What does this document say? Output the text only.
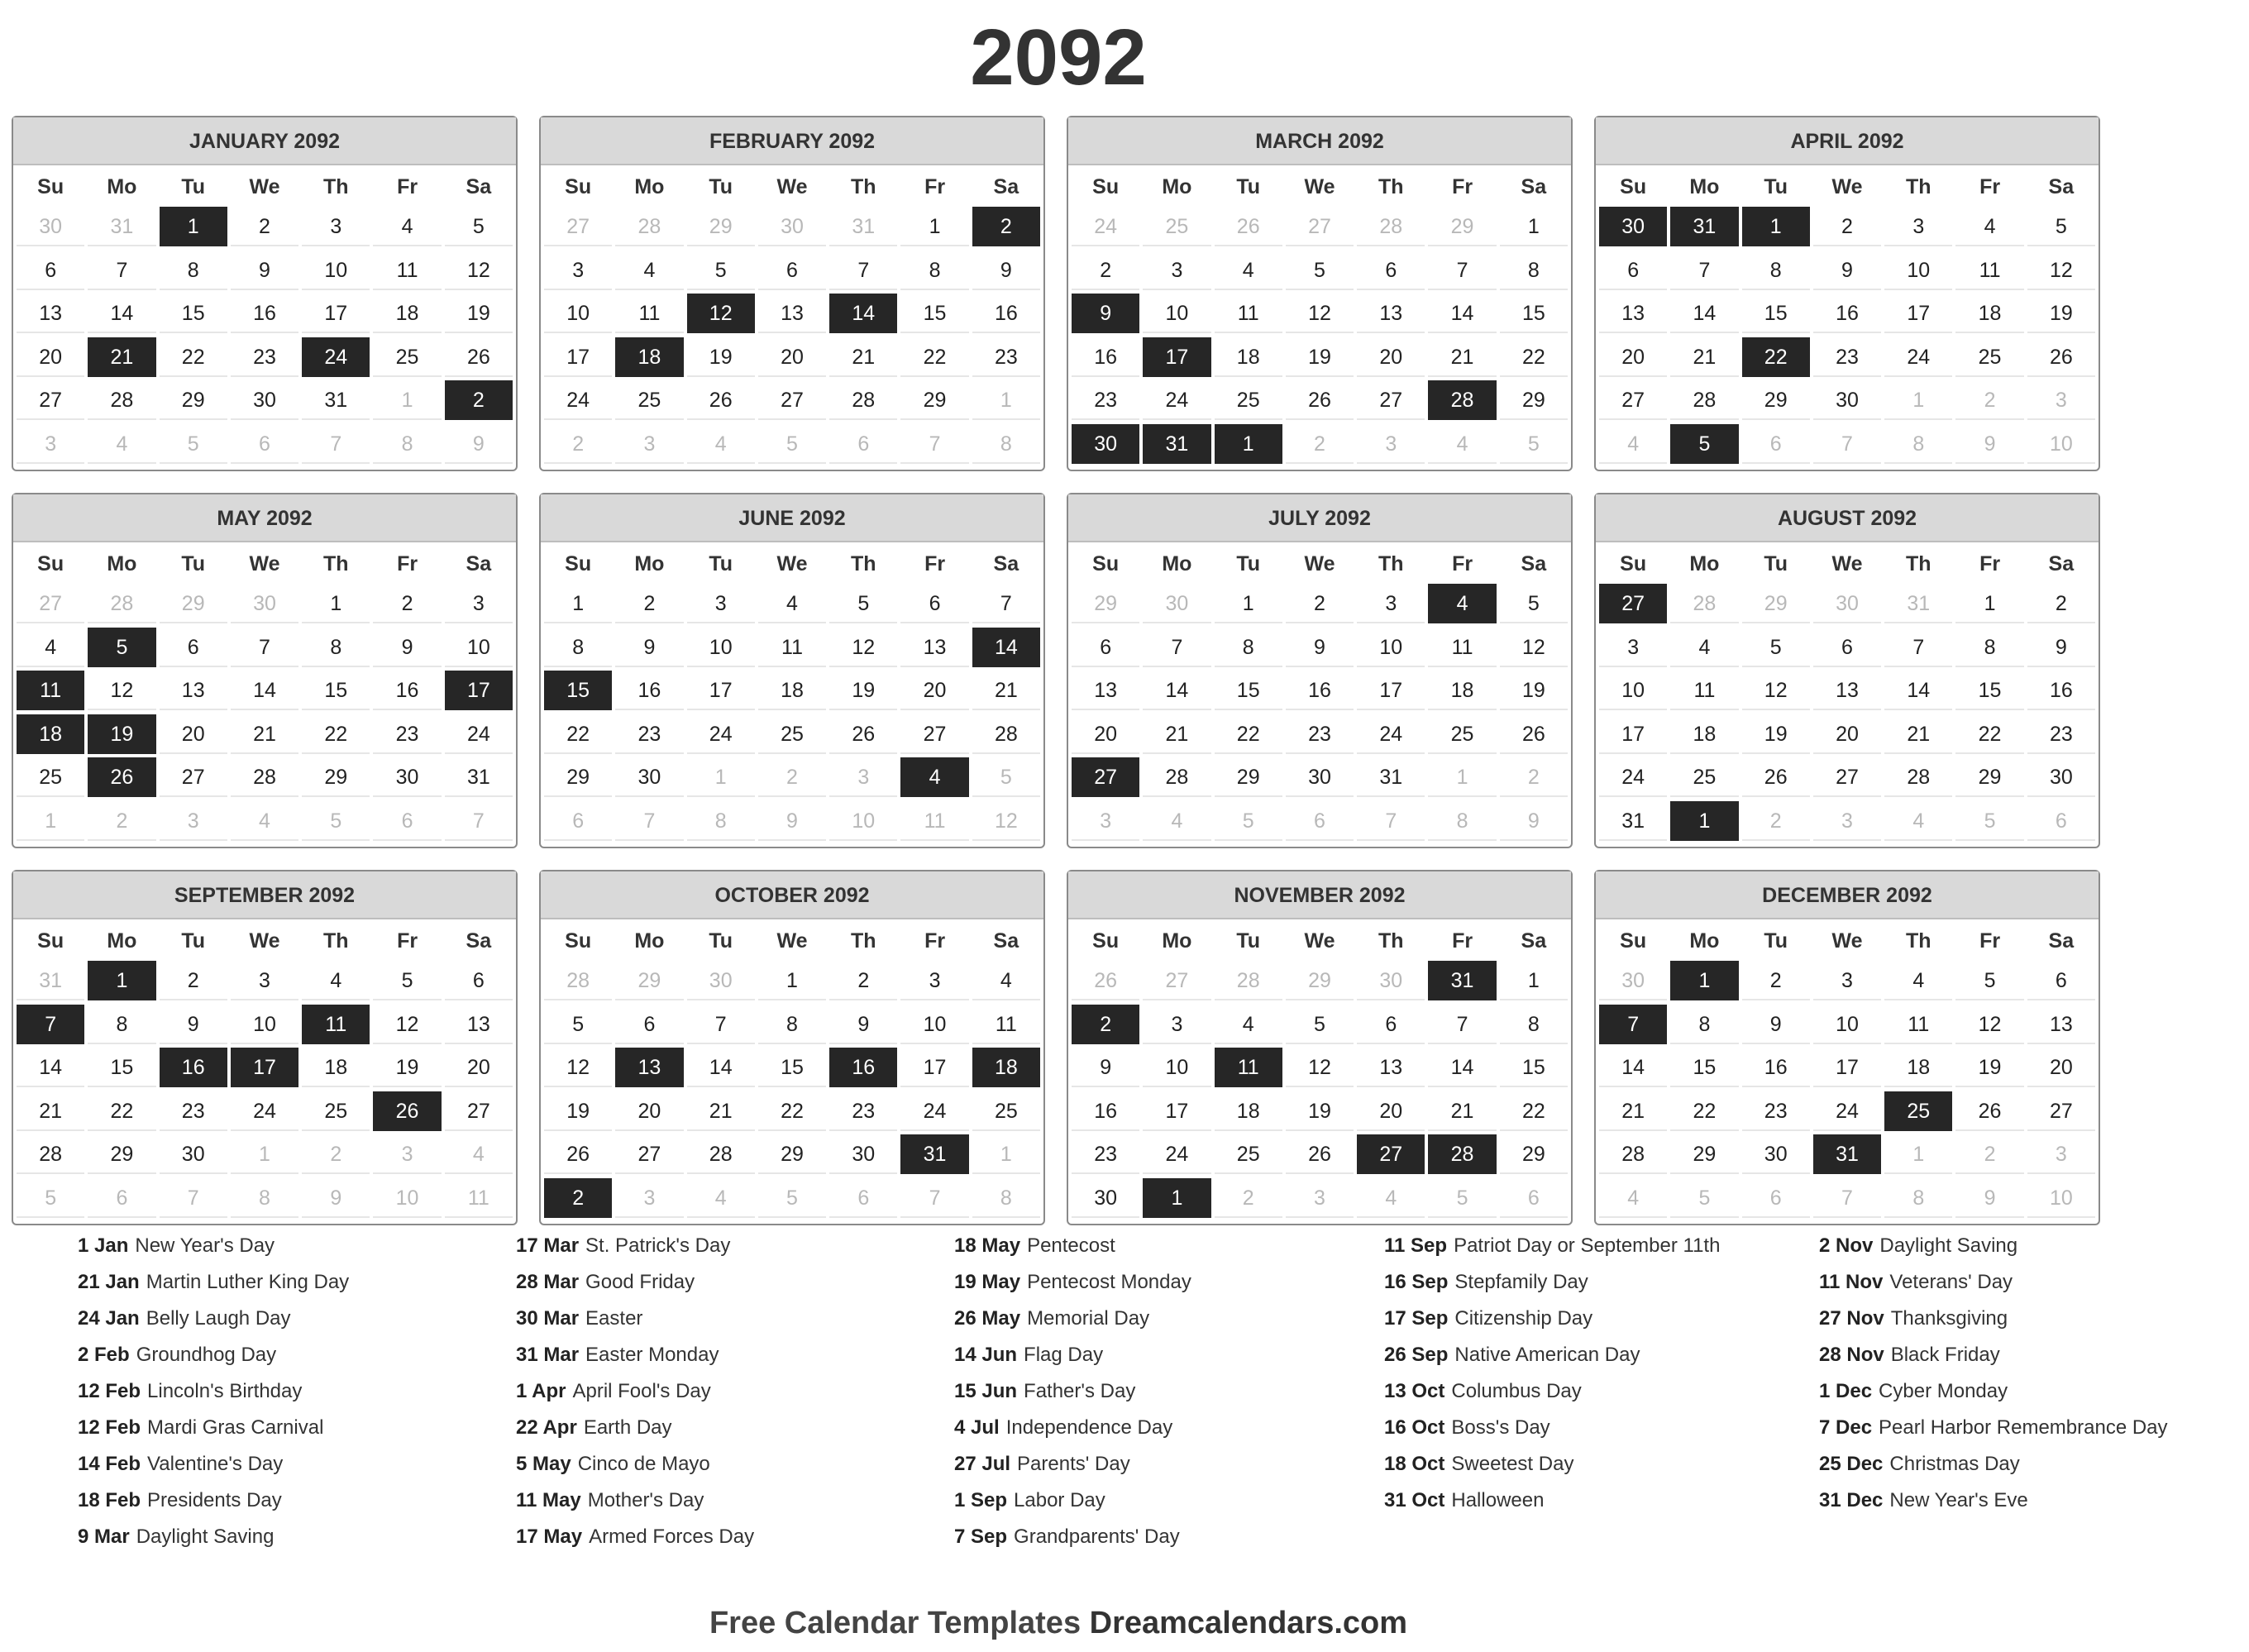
2092
JANUARY 2092
Su	Mo	Tu	We	Th	Fr	Sa
30	31	1	2	3	4	5
6	7	8	9	10	11	12
13	14	15	16	17	18	19
20	21	22	23	24	25	26
27	28	29	30	31	1	2
3	4	5	6	7	8	9
FEBRUARY 2092
Su	Mo	Tu	We	Th	Fr	Sa
27	28	29	30	31	1	2
3	4	5	6	7	8	9
10	11	12	13	14	15	16
17	18	19	20	21	22	23
24	25	26	27	28	29	1
2	3	4	5	6	7	8
MARCH 2092
Su	Mo	Tu	We	Th	Fr	Sa
24	25	26	27	28	29	1
2	3	4	5	6	7	8
9	10	11	12	13	14	15
16	17	18	19	20	21	22
23	24	25	26	27	28	29
30	31	1	2	3	4	5
APRIL 2092
Su	Mo	Tu	We	Th	Fr	Sa
30	31	1	2	3	4	5
6	7	8	9	10	11	12
13	14	15	16	17	18	19
20	21	22	23	24	25	26
27	28	29	30	1	2	3
4	5	6	7	8	9	10
MAY 2092
Su	Mo	Tu	We	Th	Fr	Sa
27	28	29	30	1	2	3
4	5	6	7	8	9	10
11	12	13	14	15	16	17
18	19	20	21	22	23	24
25	26	27	28	29	30	31
1	2	3	4	5	6	7
JUNE 2092
Su	Mo	Tu	We	Th	Fr	Sa
1	2	3	4	5	6	7
8	9	10	11	12	13	14
15	16	17	18	19	20	21
22	23	24	25	26	27	28
29	30	1	2	3	4	5
6	7	8	9	10	11	12
JULY 2092
Su	Mo	Tu	We	Th	Fr	Sa
29	30	1	2	3	4	5
6	7	8	9	10	11	12
13	14	15	16	17	18	19
20	21	22	23	24	25	26
27	28	29	30	31	1	2
3	4	5	6	7	8	9
AUGUST 2092
Su	Mo	Tu	We	Th	Fr	Sa
27	28	29	30	31	1	2
3	4	5	6	7	8	9
10	11	12	13	14	15	16
17	18	19	20	21	22	23
24	25	26	27	28	29	30
31	1	2	3	4	5	6
SEPTEMBER 2092
Su	Mo	Tu	We	Th	Fr	Sa
31	1	2	3	4	5	6
7	8	9	10	11	12	13
14	15	16	17	18	19	20
21	22	23	24	25	26	27
28	29	30	1	2	3	4
5	6	7	8	9	10	11
OCTOBER 2092
Su	Mo	Tu	We	Th	Fr	Sa
28	29	30	1	2	3	4
5	6	7	8	9	10	11
12	13	14	15	16	17	18
19	20	21	22	23	24	25
26	27	28	29	30	31	1
2	3	4	5	6	7	8
NOVEMBER 2092
Su	Mo	Tu	We	Th	Fr	Sa
26	27	28	29	30	31	1
2	3	4	5	6	7	8
9	10	11	12	13	14	15
16	17	18	19	20	21	22
23	24	25	26	27	28	29
30	1	2	3	4	5	6
DECEMBER 2092
Su	Mo	Tu	We	Th	Fr	Sa
30	1	2	3	4	5	6
7	8	9	10	11	12	13
14	15	16	17	18	19	20
21	22	23	24	25	26	27
28	29	30	31	1	2	3
4	5	6	7	8	9	10
1 Jan New Year's Day
21 Jan Martin Luther King Day
24 Jan Belly Laugh Day
2 Feb Groundhog Day
12 Feb Lincoln's Birthday
12 Feb Mardi Gras Carnival
14 Feb Valentine's Day
18 Feb Presidents Day
9 Mar Daylight Saving
17 Mar St. Patrick's Day
28 Mar Good Friday
30 Mar Easter
31 Mar Easter Monday
1 Apr April Fool's Day
22 Apr Earth Day
5 May Cinco de Mayo
11 May Mother's Day
17 May Armed Forces Day
18 May Pentecost
19 May Pentecost Monday
26 May Memorial Day
14 Jun Flag Day
15 Jun Father's Day
4 Jul Independence Day
27 Jul Parents' Day
1 Sep Labor Day
7 Sep Grandparents' Day
11 Sep Patriot Day or September 11th
16 Sep Stepfamily Day
17 Sep Citizenship Day
26 Sep Native American Day
13 Oct Columbus Day
16 Oct Boss's Day
18 Oct Sweetest Day
31 Oct Halloween
2 Nov Daylight Saving
11 Nov Veterans' Day
27 Nov Thanksgiving
28 Nov Black Friday
1 Dec Cyber Monday
7 Dec Pearl Harbor Remembrance Day
25 Dec Christmas Day
31 Dec New Year's Eve
Free Calendar Templates Dreamcalendars.com
